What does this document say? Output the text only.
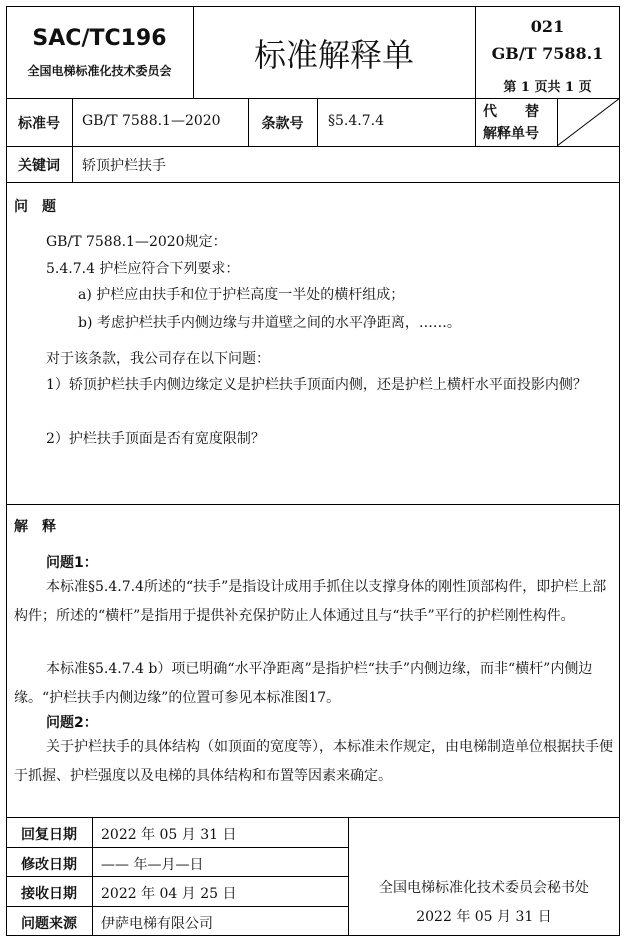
SAC/TC196
全国电梯标准化技术委员会	标准解释单
021
GB/T 7588.1
第 1 页共 1 页
标准号	GB/T 7588.1—2020	条款号	§5.4.7.4
代　　替
解释单号
关键词	轿顶护栏扶手
问　题
GB/T 7588.1—2020规定：
5.4.7.4 护栏应符合下列要求：
a) 护栏应由扶手和位于护栏高度一半处的横杆组成；
b) 考虑护栏扶手内侧边缘与井道壁之间的水平净距离，……。
对于该条款，我公司存在以下问题：
1）轿顶护栏扶手内侧边缘定义是护栏扶手顶面内侧，还是护栏上横杆水平面投影内侧？
2）护栏扶手顶面是否有宽度限制？
解　释
问题1：
本标准§5.4.7.4所述的“扶手”是指设计成用手抓住以支撑身体的刚性顶部构件，即护栏上部构件；所述的“横杆”是指用于提供补充保护防止人体通过且与“扶手”平行的护栏刚性构件。
本标准§5.4.7.4 b）项已明确“水平净距离”是指护栏“扶手”内侧边缘，而非“横杆”内侧边缘。“护栏扶手内侧边缘”的位置可参见本标准图17。
问题2：
关于护栏扶手的具体结构（如顶面的宽度等），本标准未作规定，由电梯制造单位根据扶手便于抓握、护栏强度以及电梯的具体结构和布置等因素来确定。
回复日期	2022 年 05 月 31 日
修改日期	—— 年—月—日
接收日期	2022 年 04 月 25 日
问题来源	伊萨电梯有限公司
全国电梯标准化技术委员会秘书处
2022 年 05 月 31 日
